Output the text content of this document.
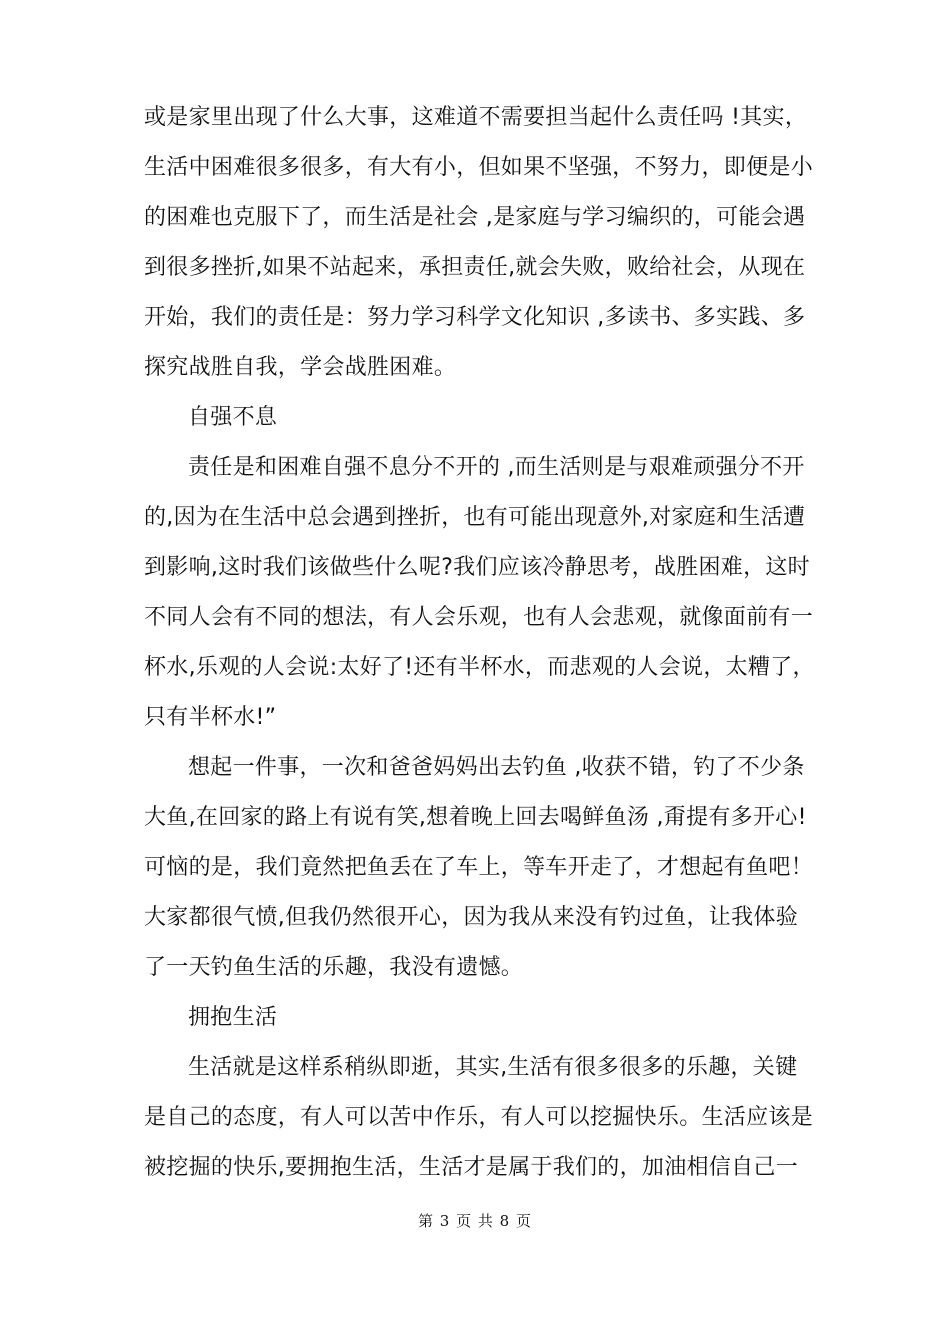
或是家里出现了什么大事，这难道不需要担当起什么责任吗 !其实，
生活中困难很多很多，有大有小，但如果不坚强，不努力，即便是小
的困难也克服下了，而生活是社会 ,是家庭与学习编织的，可能会遇
到很多挫折,如果不站起来，承担责任,就会失败，败给社会，从现在
开始，我们的责任是：努力学习科学文化知识 ,多读书、多实践、多
探究战胜自我，学会战胜困难。
自强不息
责任是和困难自强不息分不开的 ,而生活则是与艰难顽强分不开
的,因为在生活中总会遇到挫折，也有可能出现意外,对家庭和生活遭
到影响,这时我们该做些什么呢?我们应该冷静思考，战胜困难，这时
不同人会有不同的想法，有人会乐观，也有人会悲观，就像面前有一
杯水,乐观的人会说:太好了!还有半杯水，而悲观的人会说，太糟了，
只有半杯水!”
想起一件事，一次和爸爸妈妈出去钓鱼 ,收获不错，钓了不少条
大鱼,在回家的路上有说有笑,想着晚上回去喝鲜鱼汤 ,甭提有多开心!
可恼的是，我们竟然把鱼丢在了车上，等车开走了，才想起有鱼吧！
大家都很气愤,但我仍然很开心，因为我从来没有钓过鱼，让我体验
了一天钓鱼生活的乐趣，我没有遗憾。
拥抱生活
生活就是这样系稍纵即逝，其实,生活有很多很多的乐趣，关键
是自己的态度，有人可以苦中作乐，有人可以挖掘快乐。生活应该是
被挖掘的快乐,要拥抱生活，生活才是属于我们的，加油相信自己一
第 3 页 共 8 页
